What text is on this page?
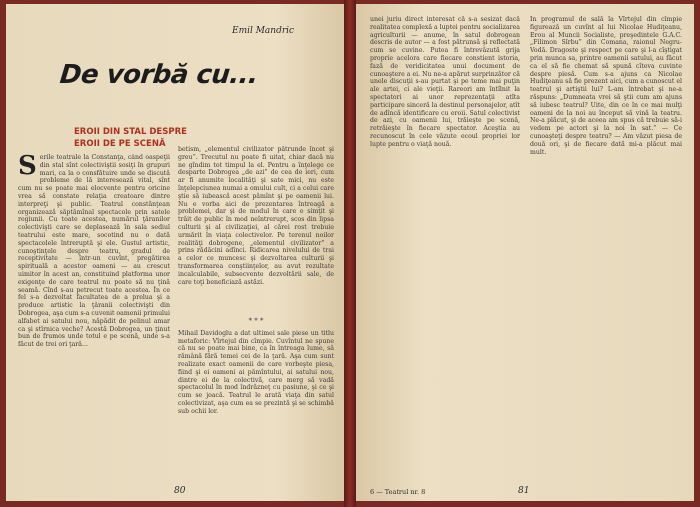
Emil Mandric
De vorbă cu...
EROII DIN STAL DESPRE EROII DE PE SCENĂ
Serile teatrale la Constanţa, când oaspeţii din stal sînt colectiviştii sosiţi în grupuri mari, ca la o consfătuire unde se discută probleme de lă interesează vital, sînt cum nu se poate mai elocvente pentru oricine vrea să constate relaţia creatoare dintre interpreţi şi public. Teatrul constănţean organizează săptămînal spectacole prin satele regiunii. Cu toate acestea, numărul ţăranilor colectivişti care se deplasează în sala sediul teatrului este mare, socotind nu o dată spectacolele întreruptă şi ele. Gustul artistic, cunoştinţele despre teatru, gradul de receptivitate — într-un cuvînt, pregătirea spirituală a acestor oameni — au crescut uimitor în acest an, constituind platforma unor exigenţe de care teatrul nu poate să nu ţină seamă. Cînd s-au petrecut toate acestea. În ce fel s-a dezvoltat facultatea de a prelua şi a produce artistic la ţăranii colectivişti din Dobrogea, aşa cum s-a cuvenit oamenii primului alfabet ai satului nou, năpădit de pelinul amar ca şi stîrnica veche? Acestă Dobrogea, un ţinut bun de frumos unde totul e pe scenă, unde s-a făcut de trei ori ţară...
betism, „elementul civilizator pătrunde încet şi greu”. Trecutul nu poate fi uitat, chiar dacă nu ne gîndim tot timpul la el. Pentru a înţelege ce desparte Dobrogea „de azi” de cea de ieri, cum ar fi anumite localităţi şi sate mici, nu este înţelepciunea numai a omului cult, ci a celui care ştie să iubească acest pămînt şi pe oamenii lui. Nu e vorba aici de prezentarea întreagă a problemei, dar şi de modul în care e simţit şi trăit de public în mod neîntrerupt, scos din lipsa culturii şi al civilizaţiei, al cărei rost trebuie urmărit în viaţa colectivelor. Pe terenul noilor realităţi dobrogene, „elementul civilizator” a prins rădăcini adînci. Ridicarea nivelului de trai a celor ce muncesc şi dezvoltarea culturii şi transformarea conştiinţelor, au avut rezultate incalculabile, subsecvente dezvoltării sale, de care toţi beneficiază astăzi.
* * *
Mihail Davidoglu a dat ultimei sale piese un titlu metaforic: Vîrtejul din cîmpie. Cuvîntul ne spune că nu se poate mai bine, ca în întreaga lume, să rămână fără temei cei de la ţară. Aşa cum sunt realizate exact oamenii de care vorbeşte piesa, fiind şi ei oameni ai pămîntului, ai satului nou, dintre ei de la colectivă, care merg să vadă spectacolul în mod îndrăzneţ cu pasiune, şi ce şi cum se joacă. Teatrul le arată viaţa din satul colectivizat, aşa cum ea se prezintă şi se schimbă sub ochii lor.
80
unei juriu direct interesat că s-a sesizat dacă realitatea complexă a luptei pentru socializarea agriculturii — anume, în satul dobrogean descris de autor — a fost pătrunsă şi reflectată cum se cuvine. Putea fi întrevăzută grija proprie acelora care fiecare constient istoria, fază de veridicitatea unui document de cunoaştere a ei. Nu ne-a apărut surprinzător că unele discuţii s-au purtat şi pe teme mai puţin ale artei, ci ale vieţii. Rareori am întîlnit la spectatori ai unor reprezentaţii atîta participare sinceră la destinul personajelor, atît de adîncă identificare cu eroii. Satul colectivist de azi, cu oamenii lui, trăieşte pe scenă, retrăieşte în fiecare spectator. Aceştia au recunoscut în cele văzute ecoul propriei lor lupte pentru o viaţă nouă.
În programul de sală la Vîrtejul din cîmpie figurează un cuvînt al lui Nicolae Hudiţeanu, Erou al Muncii Socialiste, preşedintele G.A.C. „Filimon Sîrbu” din Comana, raionul Negru-Vodă. Dragoste şi respect pe care şi l-a cîştigat prin munca sa, printre oamenii satului, au făcut ca el să fie chemat să spună cîteva cuvinte despre piesă. Cum s-a ajuns ca Nicolae Hudiţeanu să fie prezent aici, cum a cunoscut el teatrul şi artiştii lui? L-am întrebat şi ne-a răspuns: „Dumneata vrei să ştii cum am ajuns să iubesc teatrul? Uite, din ce în ce mai mulţi oameni de la noi au început să vină la teatru. Ne-a plăcut, şi de aceea am spus că trebuie să-i vedem pe actori şi la noi în sat.” — Ce cunoaşteţi despre teatru? — Am văzut piesa de două ori, şi de fiecare dată mi-a plăcut mai mult.
6 — Teatrul nr. 8	81
